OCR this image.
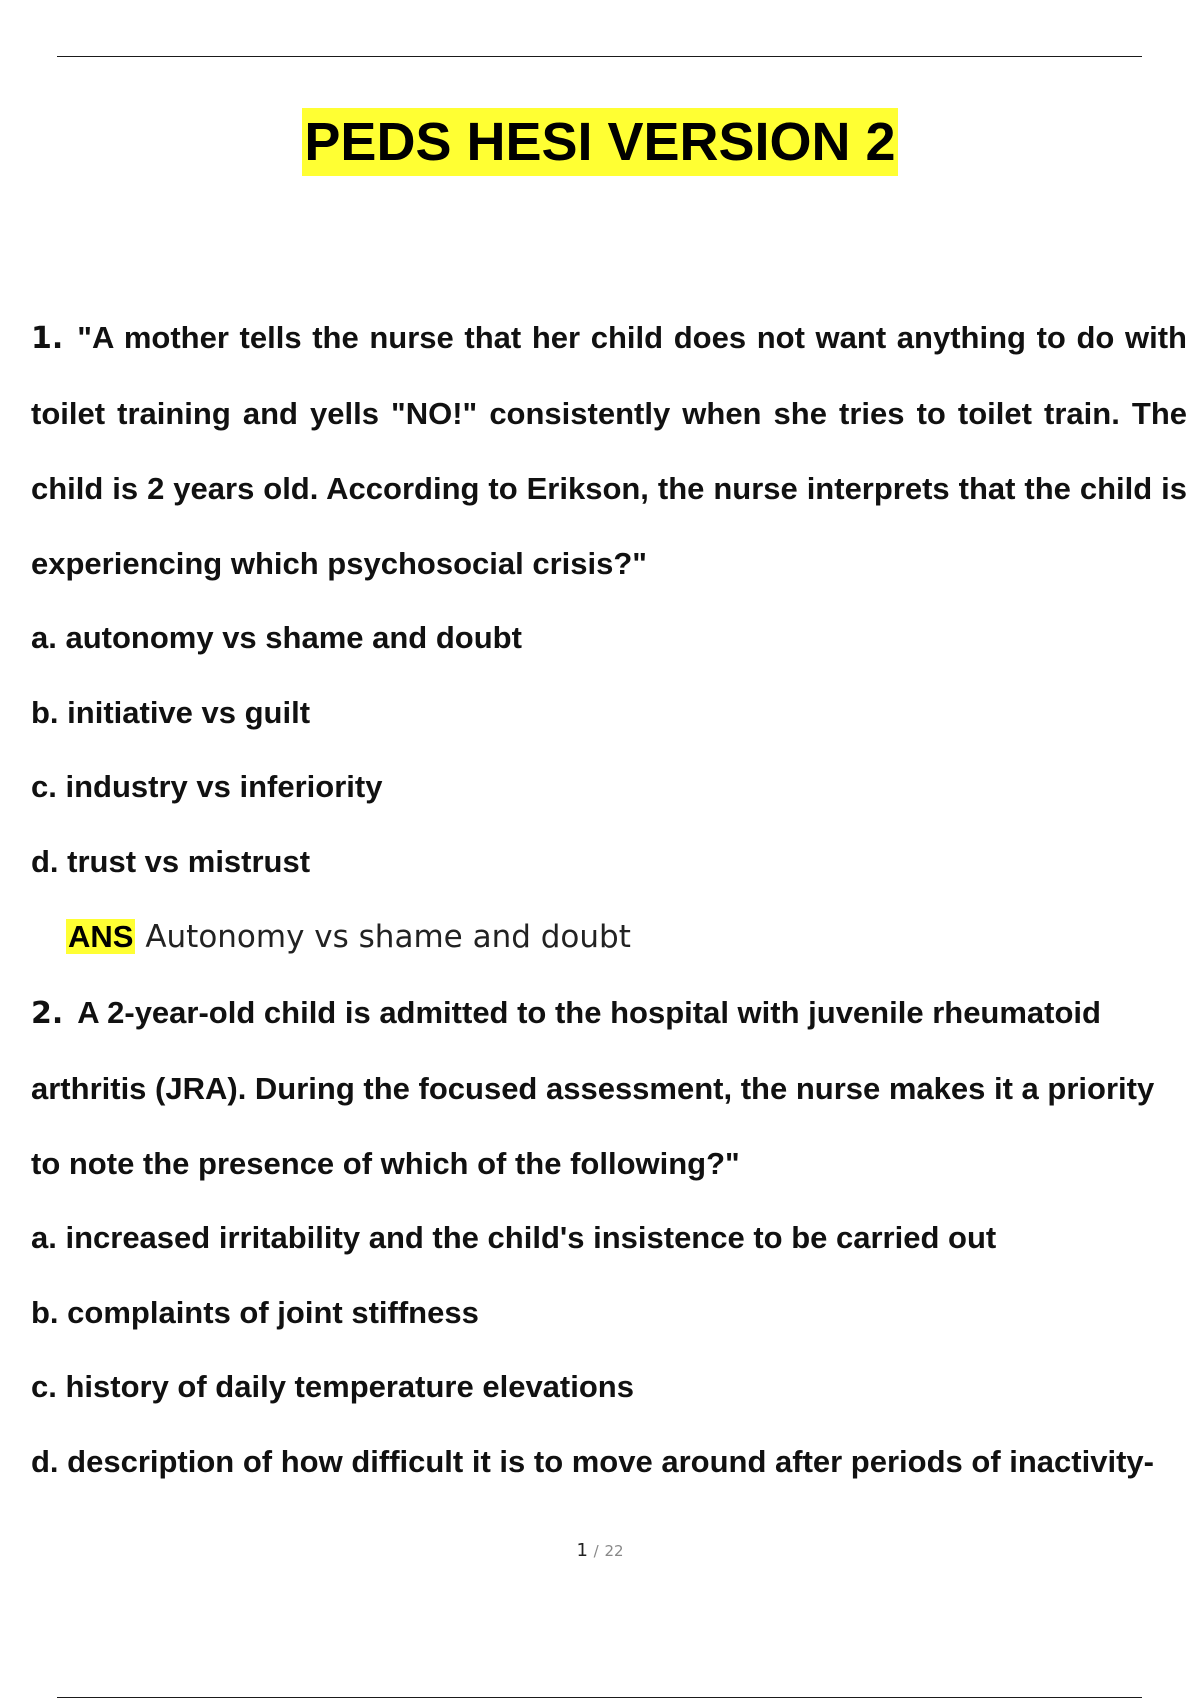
PEDS HESI VERSION 2

1. "A mother tells the nurse that her child does not want anything to do with toilet training and yells "NO!" consistently when she tries to toilet train. The child is 2 years old. According to Erikson, the nurse interprets that the child is experiencing which psychosocial crisis?"

a. autonomy vs shame and doubt

b. initiative vs guilt

c. industry vs inferiority

d. trust vs mistrust

ANS Autonomy vs shame and doubt

2. A 2-year-old child is admitted to the hospital with juvenile rheumatoid arthritis (JRA). During the focused assessment, the nurse makes it a priority to note the presence of which of the following?"

a. increased irritability and the child's insistence to be carried out

b. complaints of joint stiffness

c. history of daily temperature elevations

d. description of how difficult it is to move around after periods of inactivity-

1 / 22
